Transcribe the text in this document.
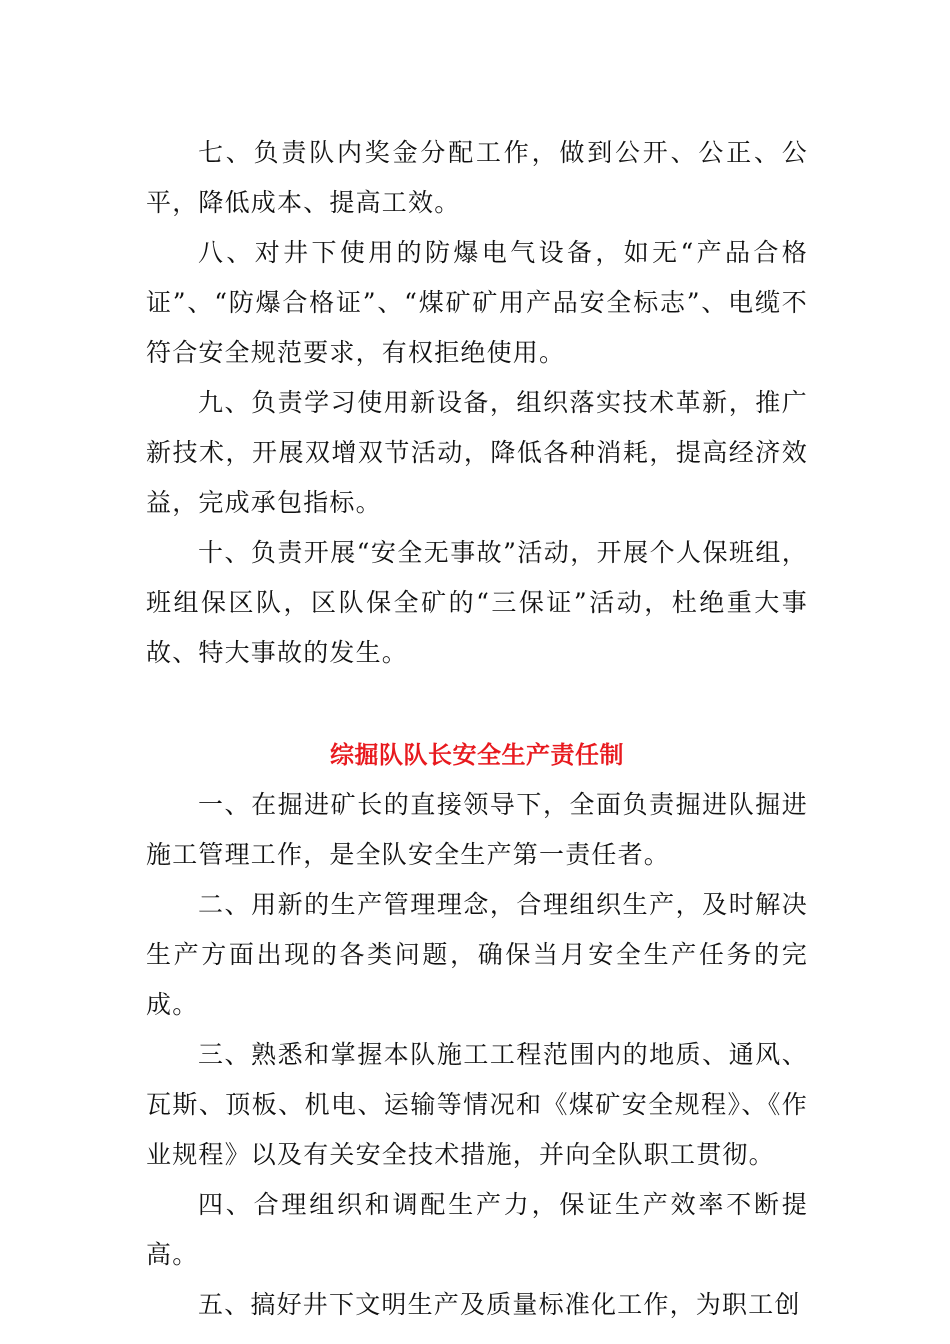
七、负责队内奖金分配工作，做到公开、公正、公平，降低成本、提高工效。

八、对井下使用的防爆电气设备，如无“产品合格证”、“防爆合格证”、“煤矿矿用产品安全标志”、电缆不符合安全规范要求，有权拒绝使用。

九、负责学习使用新设备，组织落实技术革新，推广新技术，开展双增双节活动，降低各种消耗，提高经济效益，完成承包指标。

十、负责开展“安全无事故”活动，开展个人保班组，班组保区队，区队保全矿的“三保证”活动，杜绝重大事故、特大事故的发生。

综掘队队长安全生产责任制

一、在掘进矿长的直接领导下，全面负责掘进队掘进施工管理工作，是全队安全生产第一责任者。

二、用新的生产管理理念，合理组织生产，及时解决生产方面出现的各类问题，确保当月安全生产任务的完成。

三、熟悉和掌握本队施工工程范围内的地质、通风、瓦斯、顶板、机电、运输等情况和《煤矿安全规程》、《作业规程》以及有关安全技术措施，并向全队职工贯彻。

四、合理组织和调配生产力，保证生产效率不断提高。

五、搞好井下文明生产及质量标准化工作，为职工创
